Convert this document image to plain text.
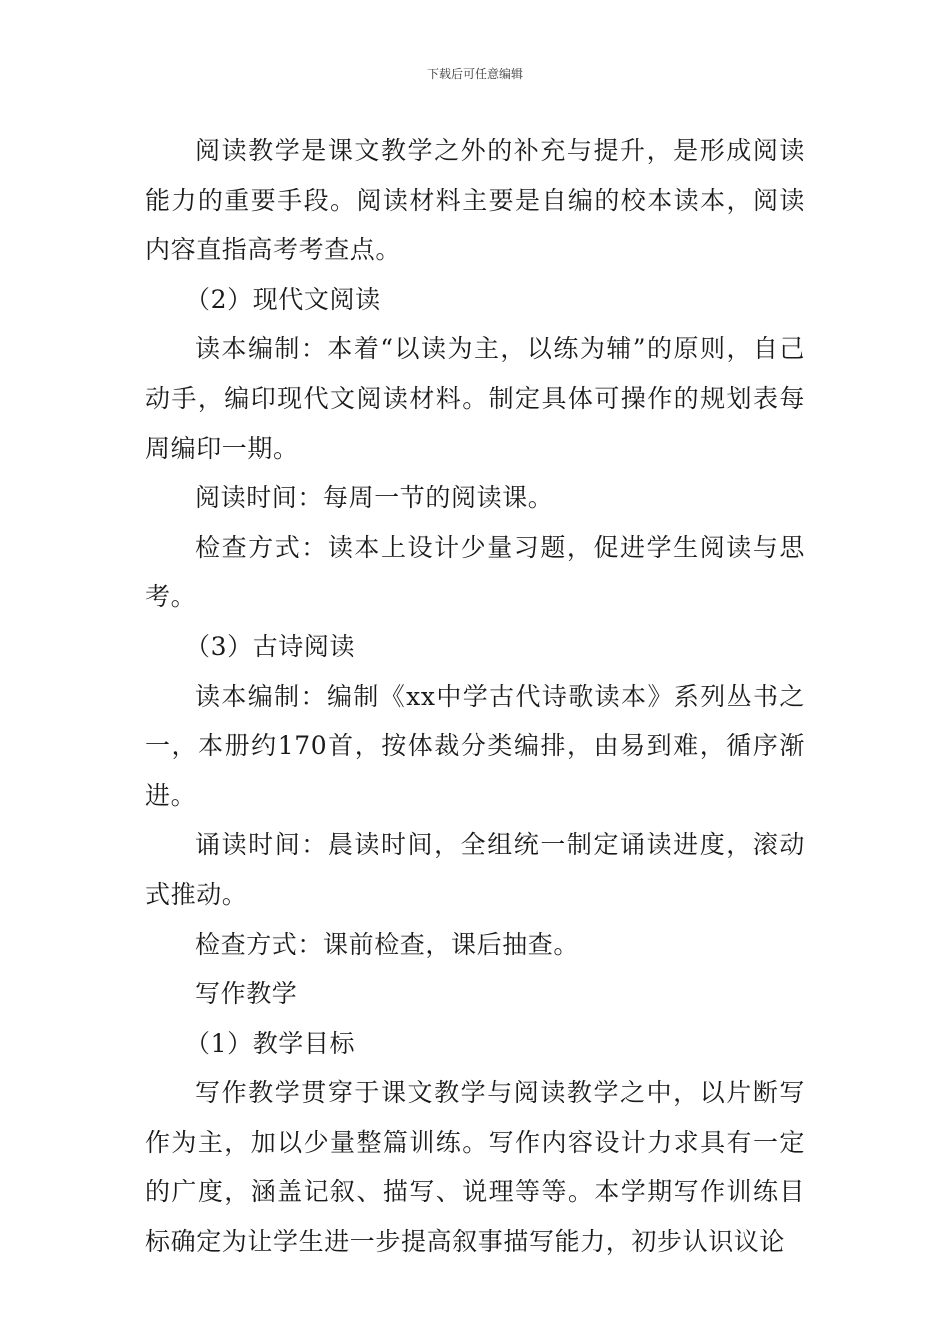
下载后可任意编辑

阅读教学是课文教学之外的补充与提升，是形成阅读能力的重要手段。阅读材料主要是自编的校本读本，阅读内容直指高考考查点。

（2）现代文阅读

读本编制：本着“以读为主，以练为辅”的原则，自己动手，编印现代文阅读材料。制定具体可操作的规划表每周编印一期。

阅读时间：每周一节的阅读课。

检查方式：读本上设计少量习题，促进学生阅读与思考。

（3）古诗阅读

读本编制：编制《xx中学古代诗歌读本》系列丛书之一，本册约170首，按体裁分类编排，由易到难，循序渐进。

诵读时间：晨读时间，全组统一制定诵读进度，滚动式推动。

检查方式：课前检查，课后抽查。

写作教学

（1）教学目标

写作教学贯穿于课文教学与阅读教学之中，以片断写作为主，加以少量整篇训练。写作内容设计力求具有一定的广度，涵盖记叙、描写、说理等等。本学期写作训练目标确定为让学生进一步提高叙事描写能力，初步认识议论
